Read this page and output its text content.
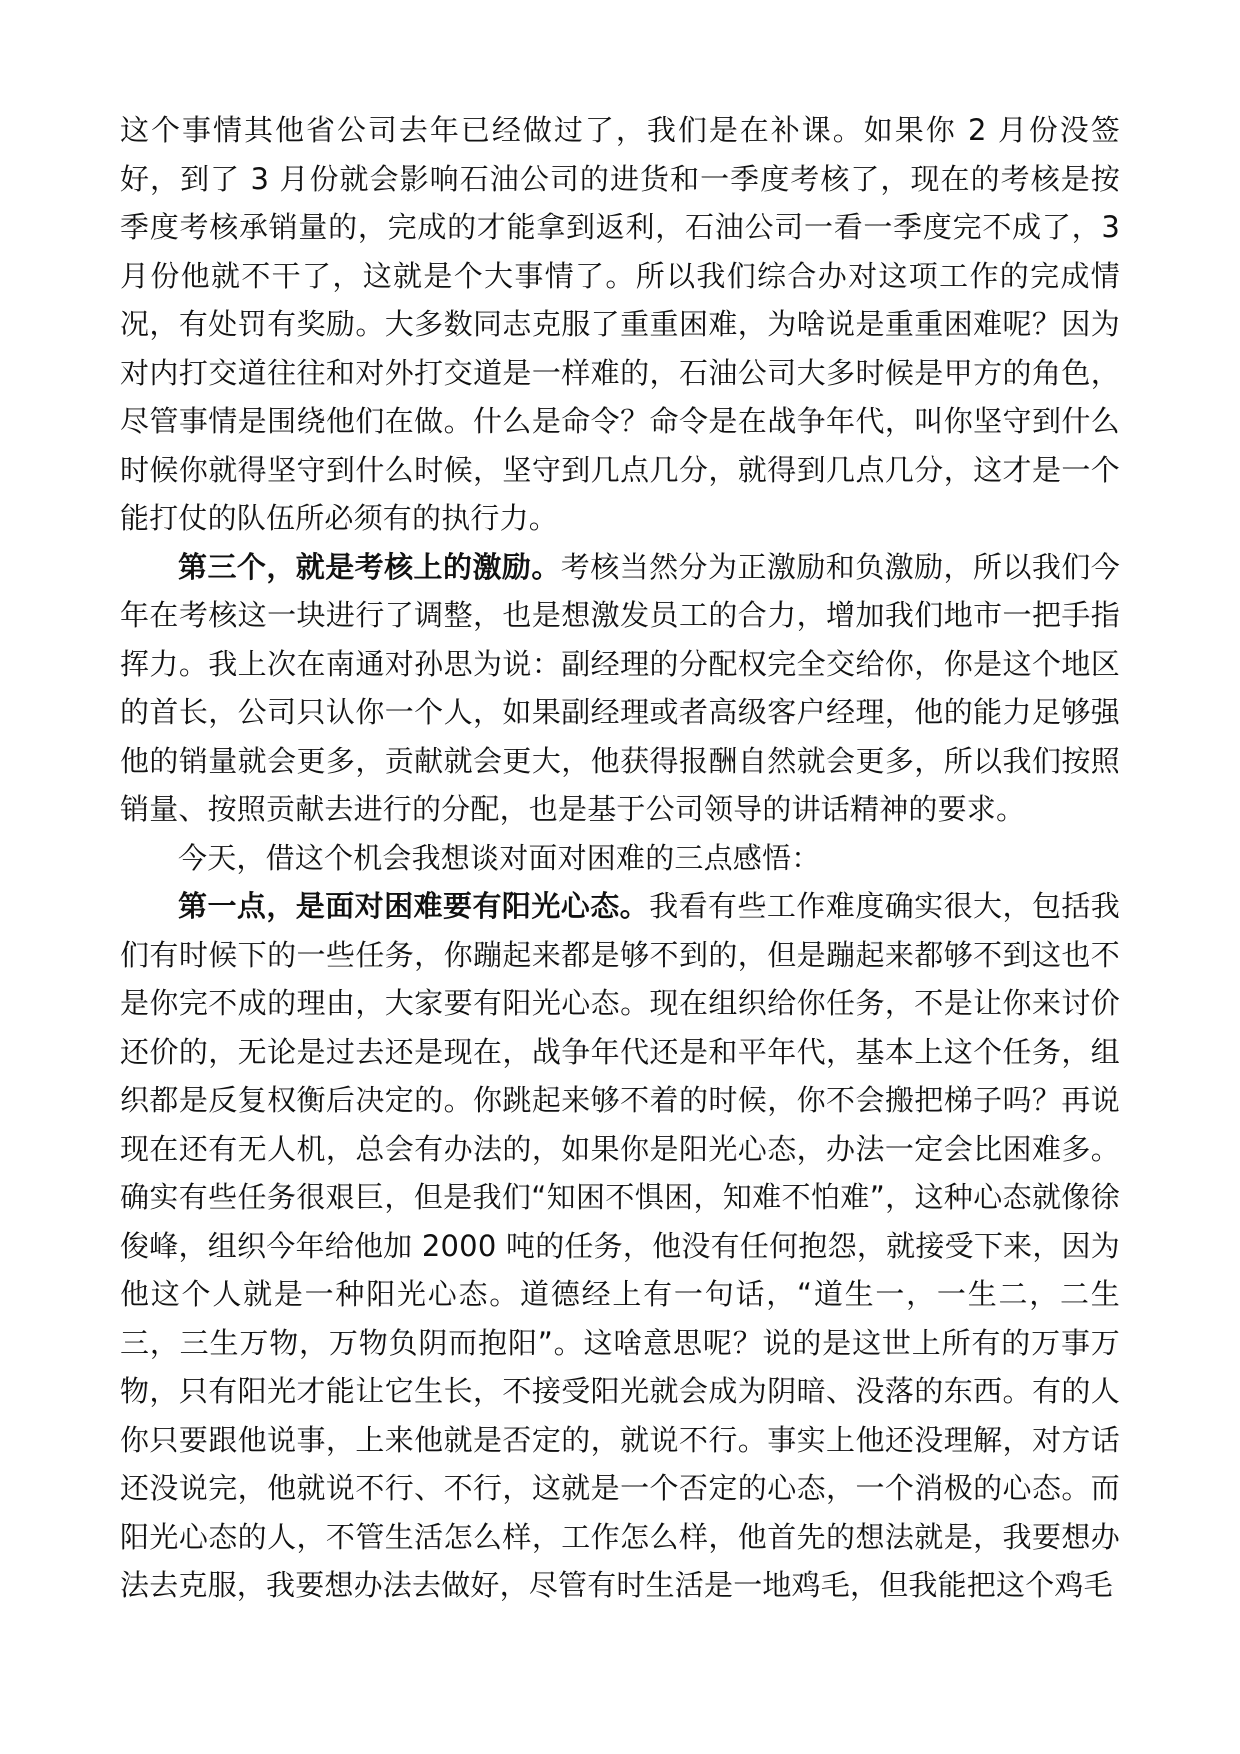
这个事情其他省公司去年已经做过了，我们是在补课。如果你 2 月份没签好，到了 3 月份就会影响石油公司的进货和一季度考核了，现在的考核是按季度考核承销量的，完成的才能拿到返利，石油公司一看一季度完不成了，3 月份他就不干了，这就是个大事情了。所以我们综合办对这项工作的完成情况，有处罚有奖励。大多数同志克服了重重困难，为啥说是重重困难呢？因为对内打交道往往和对外打交道是一样难的，石油公司大多时候是甲方的角色，尽管事情是围绕他们在做。什么是命令？命令是在战争年代，叫你坚守到什么时候你就得坚守到什么时候，坚守到几点几分，就得到几点几分，这才是一个能打仗的队伍所必须有的执行力。

第三个，就是考核上的激励。考核当然分为正激励和负激励，所以我们今年在考核这一块进行了调整，也是想激发员工的合力，增加我们地市一把手指挥力。我上次在南通对孙思为说：副经理的分配权完全交给你，你是这个地区的首长，公司只认你一个人，如果副经理或者高级客户经理，他的能力足够强他的销量就会更多，贡献就会更大，他获得报酬自然就会更多，所以我们按照销量、按照贡献去进行的分配，也是基于公司领导的讲话精神的要求。

今天，借这个机会我想谈对面对困难的三点感悟：

第一点，是面对困难要有阳光心态。我看有些工作难度确实很大，包括我们有时候下的一些任务，你蹦起来都是够不到的，但是蹦起来都够不到这也不是你完不成的理由，大家要有阳光心态。现在组织给你任务，不是让你来讨价还价的，无论是过去还是现在，战争年代还是和平年代，基本上这个任务，组织都是反复权衡后决定的。你跳起来够不着的时候，你不会搬把梯子吗？再说现在还有无人机，总会有办法的，如果你是阳光心态，办法一定会比困难多。确实有些任务很艰巨，但是我们“知困不惧困，知难不怕难”，这种心态就像徐俊峰，组织今年给他加 2000 吨的任务，他没有任何抱怨，就接受下来，因为他这个人就是一种阳光心态。道德经上有一句话，“道生一，一生二，二生三，三生万物，万物负阴而抱阳”。这啥意思呢？说的是这世上所有的万事万物，只有阳光才能让它生长，不接受阳光就会成为阴暗、没落的东西。有的人你只要跟他说事，上来他就是否定的，就说不行。事实上他还没理解，对方话还没说完，他就说不行、不行，这就是一个否定的心态，一个消极的心态。而阳光心态的人，不管生活怎么样，工作怎么样，他首先的想法就是，我要想办法去克服，我要想办法去做好，尽管有时生活是一地鸡毛，但我能把这个鸡毛
